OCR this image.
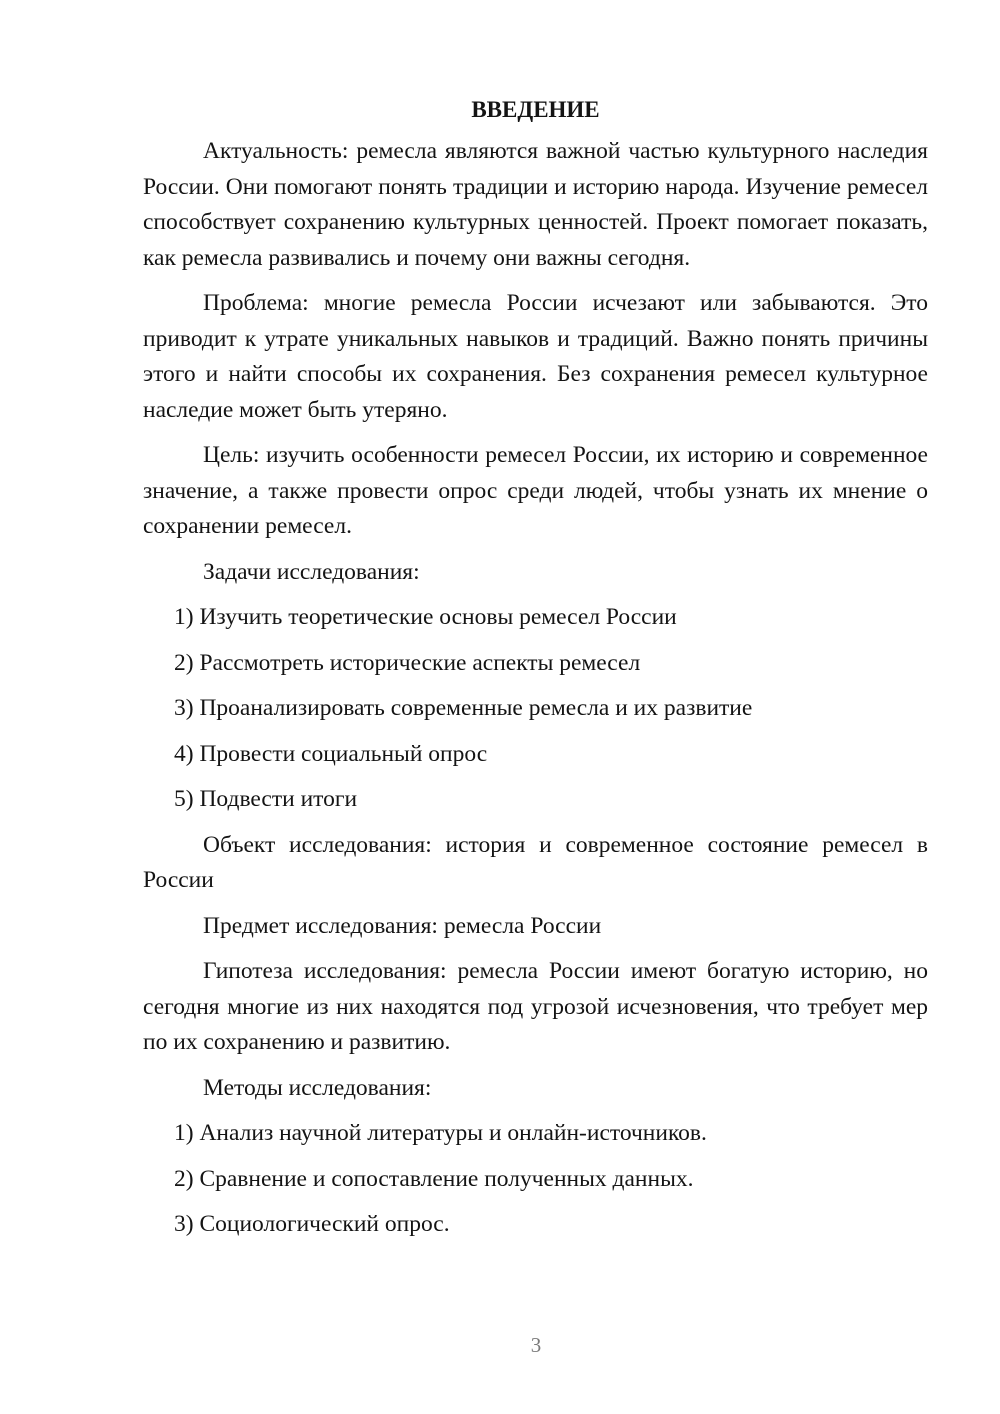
ВВЕДЕНИЕ

Актуальность: ремесла являются важной частью культурного наследия России. Они помогают понять традиции и историю народа. Изучение ремесел способствует сохранению культурных ценностей. Проект помогает показать, как ремесла развивались и почему они важны сегодня.

Проблема: многие ремесла России исчезают или забываются. Это приводит к утрате уникальных навыков и традиций. Важно понять причины этого и найти способы их сохранения. Без сохранения ремесел культурное наследие может быть утеряно.

Цель: изучить особенности ремесел России, их историю и современное значение, а также провести опрос среди людей, чтобы узнать их мнение о сохранении ремесел.

Задачи исследования:

1) Изучить теоретические основы ремесел России

2) Рассмотреть исторические аспекты ремесел

3) Проанализировать современные ремесла и их развитие

4) Провести социальный опрос

5) Подвести итоги

Объект исследования: история и современное состояние ремесел в России

Предмет исследования: ремесла России

Гипотеза исследования: ремесла России имеют богатую историю, но сегодня многие из них находятся под угрозой исчезновения, что требует мер по их сохранению и развитию.

Методы исследования:

1) Анализ научной литературы и онлайн-источников.

2) Сравнение и сопоставление полученных данных.

3) Социологический опрос.

3
